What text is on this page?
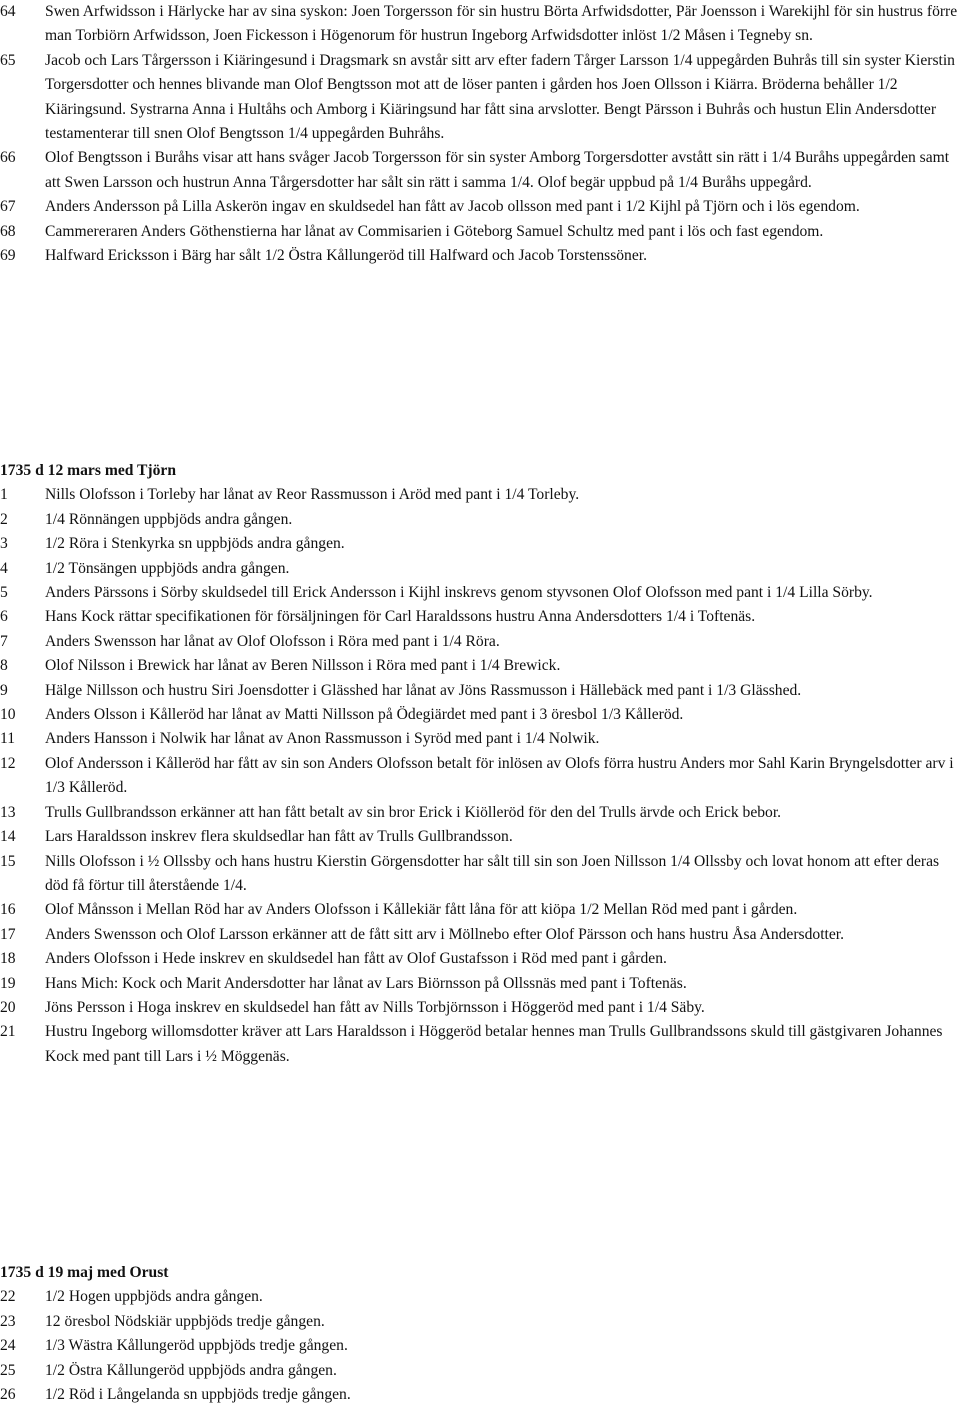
64	Swen Arfwidsson i Härlycke har av sina syskon: Joen Torgersson för sin hustru Börta Arfwidsdotter, Pär Joensson i Warekijhl för sin hustrus förre man Torbiörn Arfwidsson, Joen Fickesson i Högenorum för hustrun Ingeborg Arfwidsdotter inlöst 1/2 Måsen i Tegneby sn.

65	Jacob och Lars Tårgersson i Kiäringesund i Dragsmark sn avstår sitt arv efter fadern Tårger Larsson 1/4 uppegården Buhrås till sin syster Kierstin Torgersdotter och hennes blivande man Olof Bengtsson mot att de löser panten i gården hos Joen Ollsson i Kiärra. Bröderna behåller 1/2 Kiäringsund. Systrarna Anna i Hultåhs och Amborg i Kiäringsund har fått sina arvslotter. Bengt Pärsson i Buhrås och hustun Elin Andersdotter testamenterar till snen Olof Bengtsson 1/4 uppegården Buhråhs.

66	Olof Bengtsson i Buråhs visar att hans svåger Jacob Torgersson för sin syster Amborg Torgersdotter avstått sin rätt i 1/4 Buråhs uppegården samt att Swen Larsson och hustrun Anna Tårgersdotter har sålt sin rätt i samma 1/4. Olof begär uppbud på 1/4 Buråhs uppegård.

67	Anders Andersson på Lilla Askerön ingav en skuldsedel han fått av Jacob ollsson med pant i 1/2 Kijhl på Tjörn och i lös egendom.

68	Cammereraren Anders Göthenstierna har lånat av Commisarien i Göteborg Samuel Schultz med pant i lös och fast egendom.

69	Halfward Ericksson i Bärg har sålt 1/2 Östra Kållungeröd till Halfward och Jacob Torstenssöner.

1735 d 12 mars med Tjörn

1	Nills Olofsson i Torleby har lånat av Reor Rassmusson i Aröd med pant i 1/4 Torleby.

2	1/4 Rönnängen uppbjöds andra gången.

3	1/2 Röra i Stenkyrka sn uppbjöds andra gången.

4	1/2 Tönsängen uppbjöds andra gången.

5	Anders Pärssons i Sörby skuldsedel till Erick Andersson i Kijhl inskrevs genom styvsonen Olof Olofsson med pant i 1/4 Lilla Sörby.

6	Hans Kock rättar specifikationen för försäljningen för Carl Haraldssons hustru Anna Andersdotters 1/4 i Toftenäs.

7	Anders Swensson har lånat av Olof Olofsson i Röra med pant i 1/4 Röra.

8	Olof Nilsson i Brewick har lånat av Beren Nillsson i Röra med pant i 1/4 Brewick.

9	Hälge Nillsson och hustru Siri Joensdotter i Glässhed har lånat av Jöns Rassmusson i Hällebäck med pant i 1/3 Glässhed.

10	Anders Olsson i Kålleröd har lånat av Matti Nillsson på Ödegiärdet med pant i 3 öresbol 1/3 Kålleröd.

11	Anders Hansson i Nolwik har lånat av Anon Rassmusson i Syröd med pant i 1/4 Nolwik.

12	Olof Andersson i Kålleröd har fått av sin son Anders Olofsson betalt för inlösen av Olofs förra hustru Anders mor Sahl Karin Bryngelsdotter arv i 1/3 Kålleröd.

13	Trulls Gullbrandsson erkänner att han fått betalt av sin bror Erick i Kiölleröd för den del Trulls ärvde och Erick bebor.

14	Lars Haraldsson inskrev flera skuldsedlar han fått av Trulls Gullbrandsson.

15	Nills Olofsson i ½ Ollssby och hans hustru Kierstin Görgensdotter har sålt till sin son Joen Nillsson 1/4 Ollssby och lovat honom att efter deras död få förtur till återstående 1/4.

16	Olof Månsson i Mellan Röd har av Anders Olofsson i Kållekiär fått låna för att kiöpa 1/2 Mellan Röd med pant i gården.

17	Anders Swensson och Olof Larsson erkänner att de fått sitt arv i Möllnebo efter Olof Pärsson och hans hustru Åsa Andersdotter.

18	Anders Olofsson i Hede inskrev en skuldsedel han fått av Olof Gustafsson i Röd med pant i gården.

19	Hans Mich: Kock och Marit Andersdotter har lånat av Lars Biörnsson på Ollssnäs med pant i Toftenäs.

20	Jöns Persson i Hoga inskrev en skuldsedel han fått av Nills Torbjörnsson i Höggeröd med pant i 1/4 Säby.

21	Hustru Ingeborg willomsdotter kräver att Lars Haraldsson i Höggeröd betalar hennes man Trulls Gullbrandssons skuld till gästgivaren Johannes Kock med pant till Lars i ½ Möggenäs.

1735 d 19 maj med Orust

22	1/2 Hogen uppbjöds andra gången.

23	12 öresbol Nödskiär uppbjöds tredje gången.

24	1/3 Wästra Kållungeröd uppbjöds tredje gången.

25	1/2 Östra Kållungeröd uppbjöds andra gången.

26	1/2 Röd i Långelanda sn uppbjöds tredje gången.
